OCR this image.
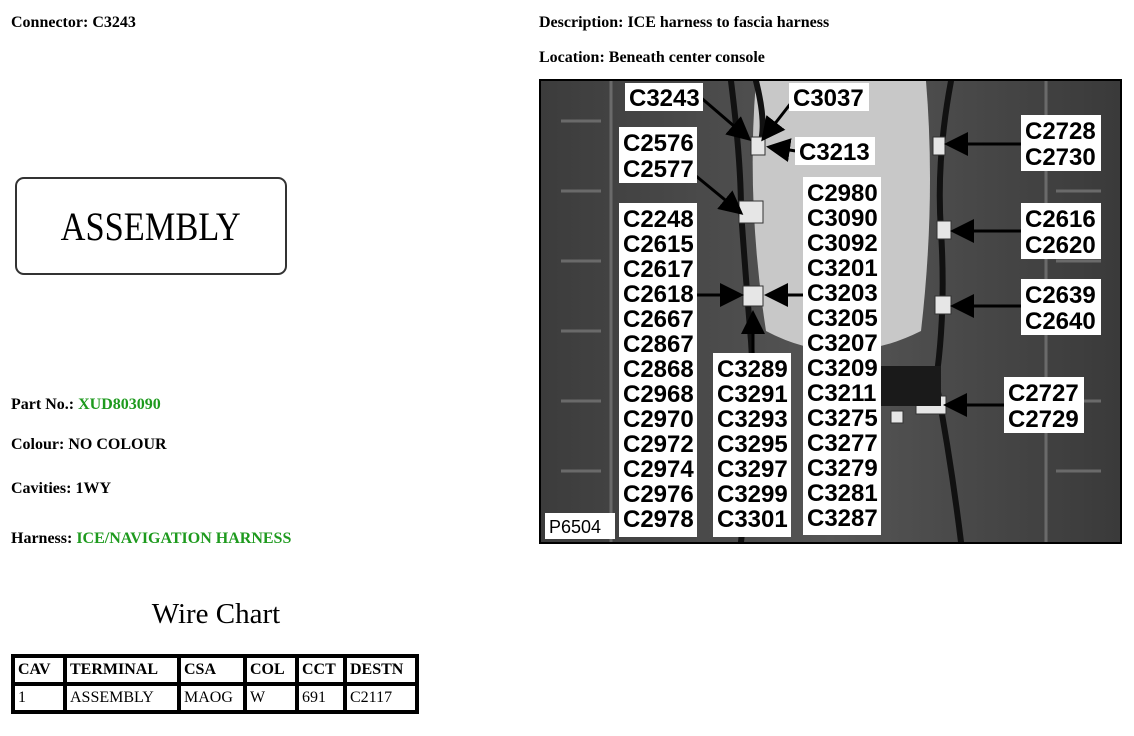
Connector: C3243	Description: ICE harness to fascia harness
Location: Beneath center console
ASSEMBLY
Part No.: XUD803090
Colour: NO COLOUR
Cavities: 1WY
Harness: ICE/NAVIGATION HARNESS
Wire Chart
CAV	TERMINAL	CSA	COL	CCT	DESTN
1	ASSEMBLY	MAOG	W	691	C2117
C3243	C3037
C3213
C2576
C2577
C2248
C2615
C2617
C2618
C2667
C2867
C2868
C2968
C2970
C2972
C2974
C2976
C2978
C3289
C3291
C3293
C3295
C3297
C3299
C3301
C2980
C3090
C3092
C3201
C3203
C3205
C3207
C3209
C3211
C3275
C3277
C3279
C3281
C3287
C2728
C2730
C2616
C2620
C2639
C2640
C2727
C2729
P6504
